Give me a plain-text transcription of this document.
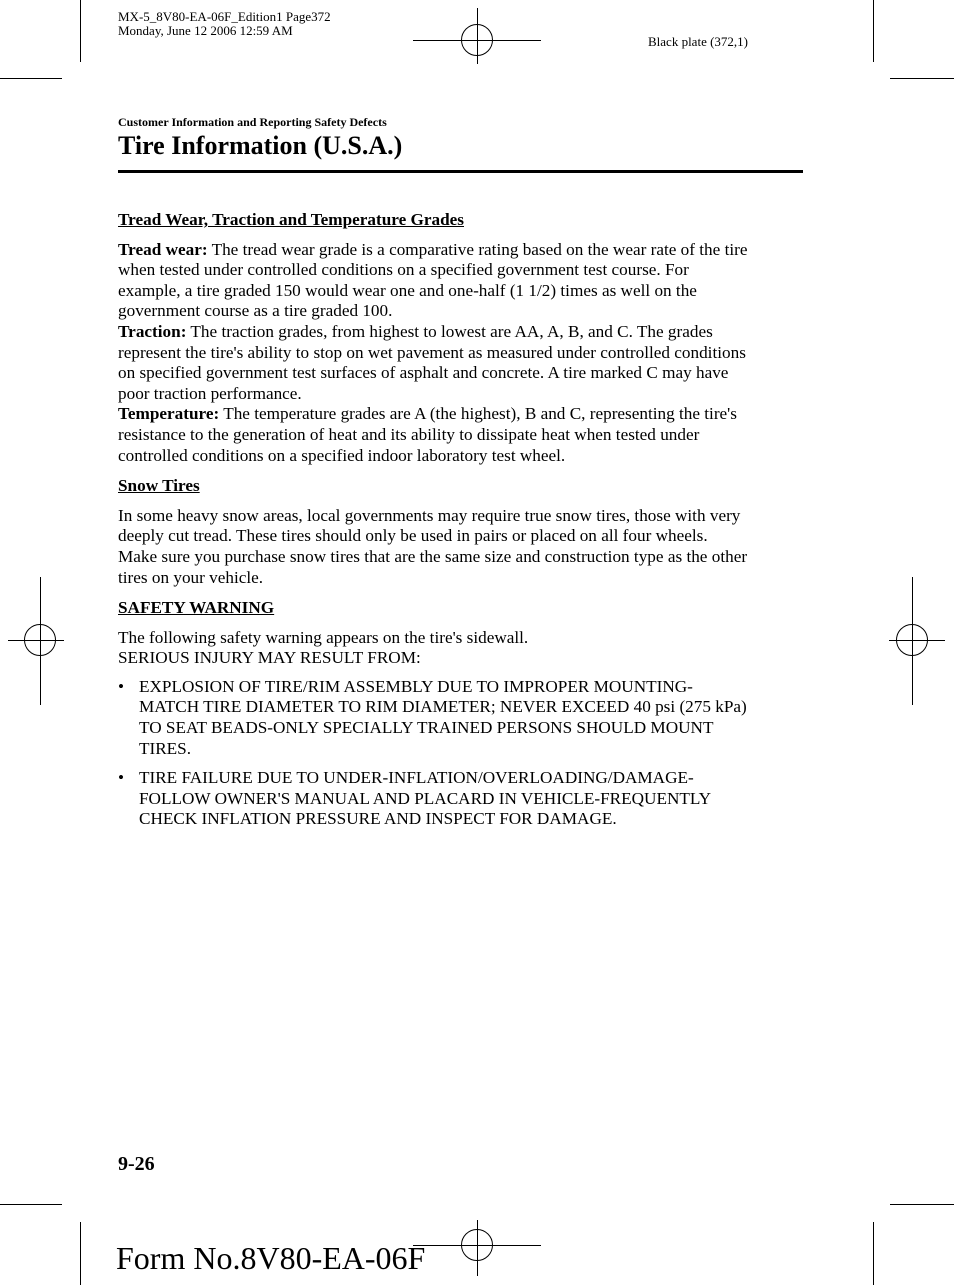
MX-5_8V80-EA-06F_Edition1 Page372
Monday, June 12 2006 12:59 AM
Black plate (372,1)
Customer Information and Reporting Safety Defects
Tire Information (U.S.A.)
Tread Wear, Traction and Temperature Grades
Tread wear: The tread wear grade is a comparative rating based on the wear rate of the tire
when tested under controlled conditions on a specified government test course. For
example, a tire graded 150 would wear one and one-half (1 1/2) times as well on the
government course as a tire graded 100.
Traction: The traction grades, from highest to lowest are AA, A, B, and C. The grades
represent the tire's ability to stop on wet pavement as measured under controlled conditions
on specified government test surfaces of asphalt and concrete. A tire marked C may have
poor traction performance.
Temperature: The temperature grades are A (the highest), B and C, representing the tire's
resistance to the generation of heat and its ability to dissipate heat when tested under
controlled conditions on a specified indoor laboratory test wheel.
Snow Tires
In some heavy snow areas, local governments may require true snow tires, those with very
deeply cut tread. These tires should only be used in pairs or placed on all four wheels.
Make sure you purchase snow tires that are the same size and construction type as the other
tires on your vehicle.
SAFETY WARNING
The following safety warning appears on the tire's sidewall.
SERIOUS INJURY MAY RESULT FROM:
• EXPLOSION OF TIRE/RIM ASSEMBLY DUE TO IMPROPER MOUNTING-
MATCH TIRE DIAMETER TO RIM DIAMETER; NEVER EXCEED 40 psi (275 kPa)
TO SEAT BEADS-ONLY SPECIALLY TRAINED PERSONS SHOULD MOUNT
TIRES.
• TIRE FAILURE DUE TO UNDER-INFLATION/OVERLOADING/DAMAGE-
FOLLOW OWNER'S MANUAL AND PLACARD IN VEHICLE-FREQUENTLY
CHECK INFLATION PRESSURE AND INSPECT FOR DAMAGE.
9-26
Form No.8V80-EA-06F
